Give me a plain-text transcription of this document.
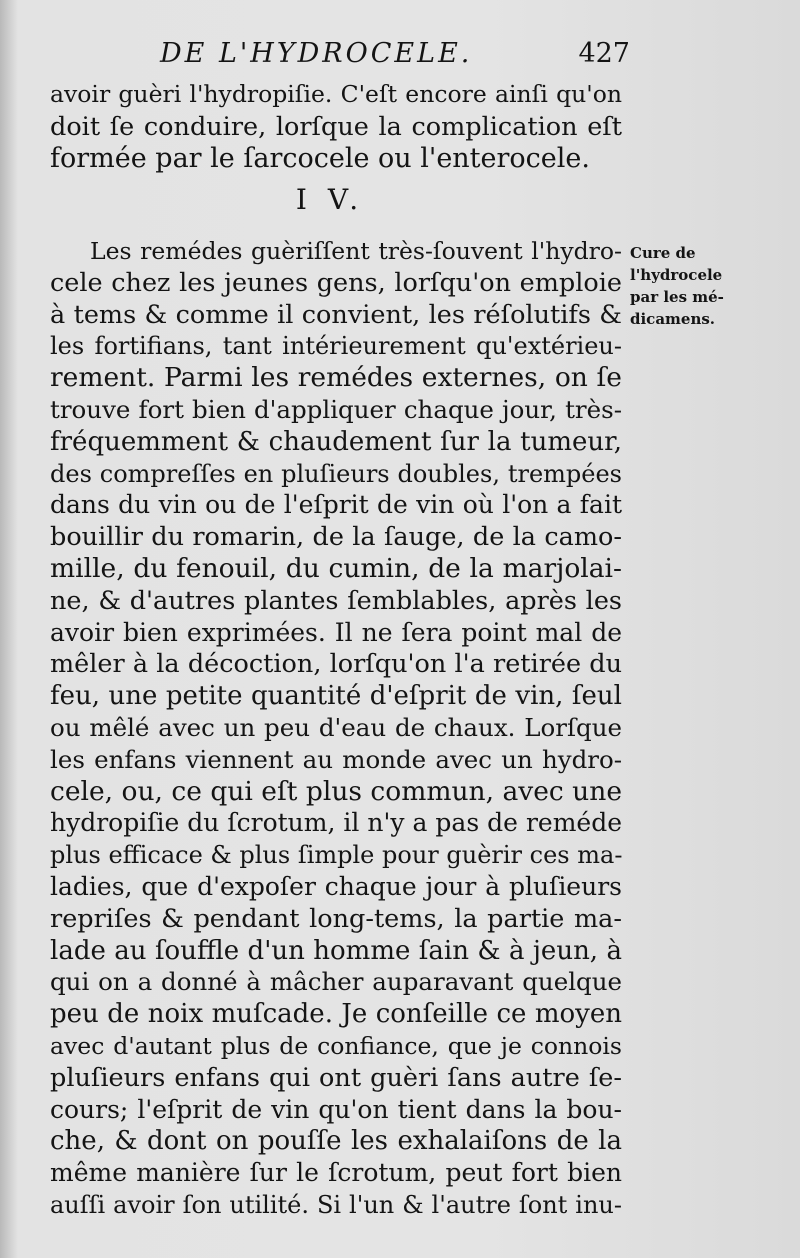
DE L'HYDROCELE.	427
avoir guèri l'hydropiſie. C'eſt encore ainſi qu'on
doit ſe conduire, lorſque la complication eſt
formée par le ſarcocele ou l'enterocele.
I V.
Cure de
l'hydrocele
par les mé-
dicamens.
Les remédes guèriſſent très-ſouvent l'hydro-
cele chez les jeunes gens, lorſqu'on emploie
à tems & comme il convient, les réſolutifs &
les fortifians, tant intérieurement qu'extérieu-
rement. Parmi les remédes externes, on ſe
trouve fort bien d'appliquer chaque jour, très-
fréquemment & chaudement ſur la tumeur,
des compreſſes en pluſieurs doubles, trempées
dans du vin ou de l'eſprit de vin où l'on a fait
bouillir du romarin, de la ſauge, de la camo-
mille, du fenouil, du cumin, de la marjolai-
ne, & d'autres plantes ſemblables, après les
avoir bien exprimées. Il ne ſera point mal de
mêler à la décoction, lorſqu'on l'a retirée du
feu, une petite quantité d'eſprit de vin, ſeul
ou mêlé avec un peu d'eau de chaux. Lorſque
les enfans viennent au monde avec un hydro-
cele, ou, ce qui eſt plus commun, avec une
hydropiſie du ſcrotum, il n'y a pas de reméde
plus efficace & plus ſimple pour guèrir ces ma-
ladies, que d'expoſer chaque jour à pluſieurs
repriſes & pendant long-tems, la partie ma-
lade au ſouffle d'un homme ſain & à jeun, à
qui on a donné à mâcher auparavant quelque
peu de noix muſcade. Je conſeille ce moyen
avec d'autant plus de confiance, que je connois
pluſieurs enfans qui ont guèri ſans autre ſe-
cours; l'eſprit de vin qu'on tient dans la bou-
che, & dont on pouſſe les exhalaiſons de la
même manière ſur le ſcrotum, peut fort bien
auſſi avoir ſon utilité. Si l'un & l'autre ſont inu-
